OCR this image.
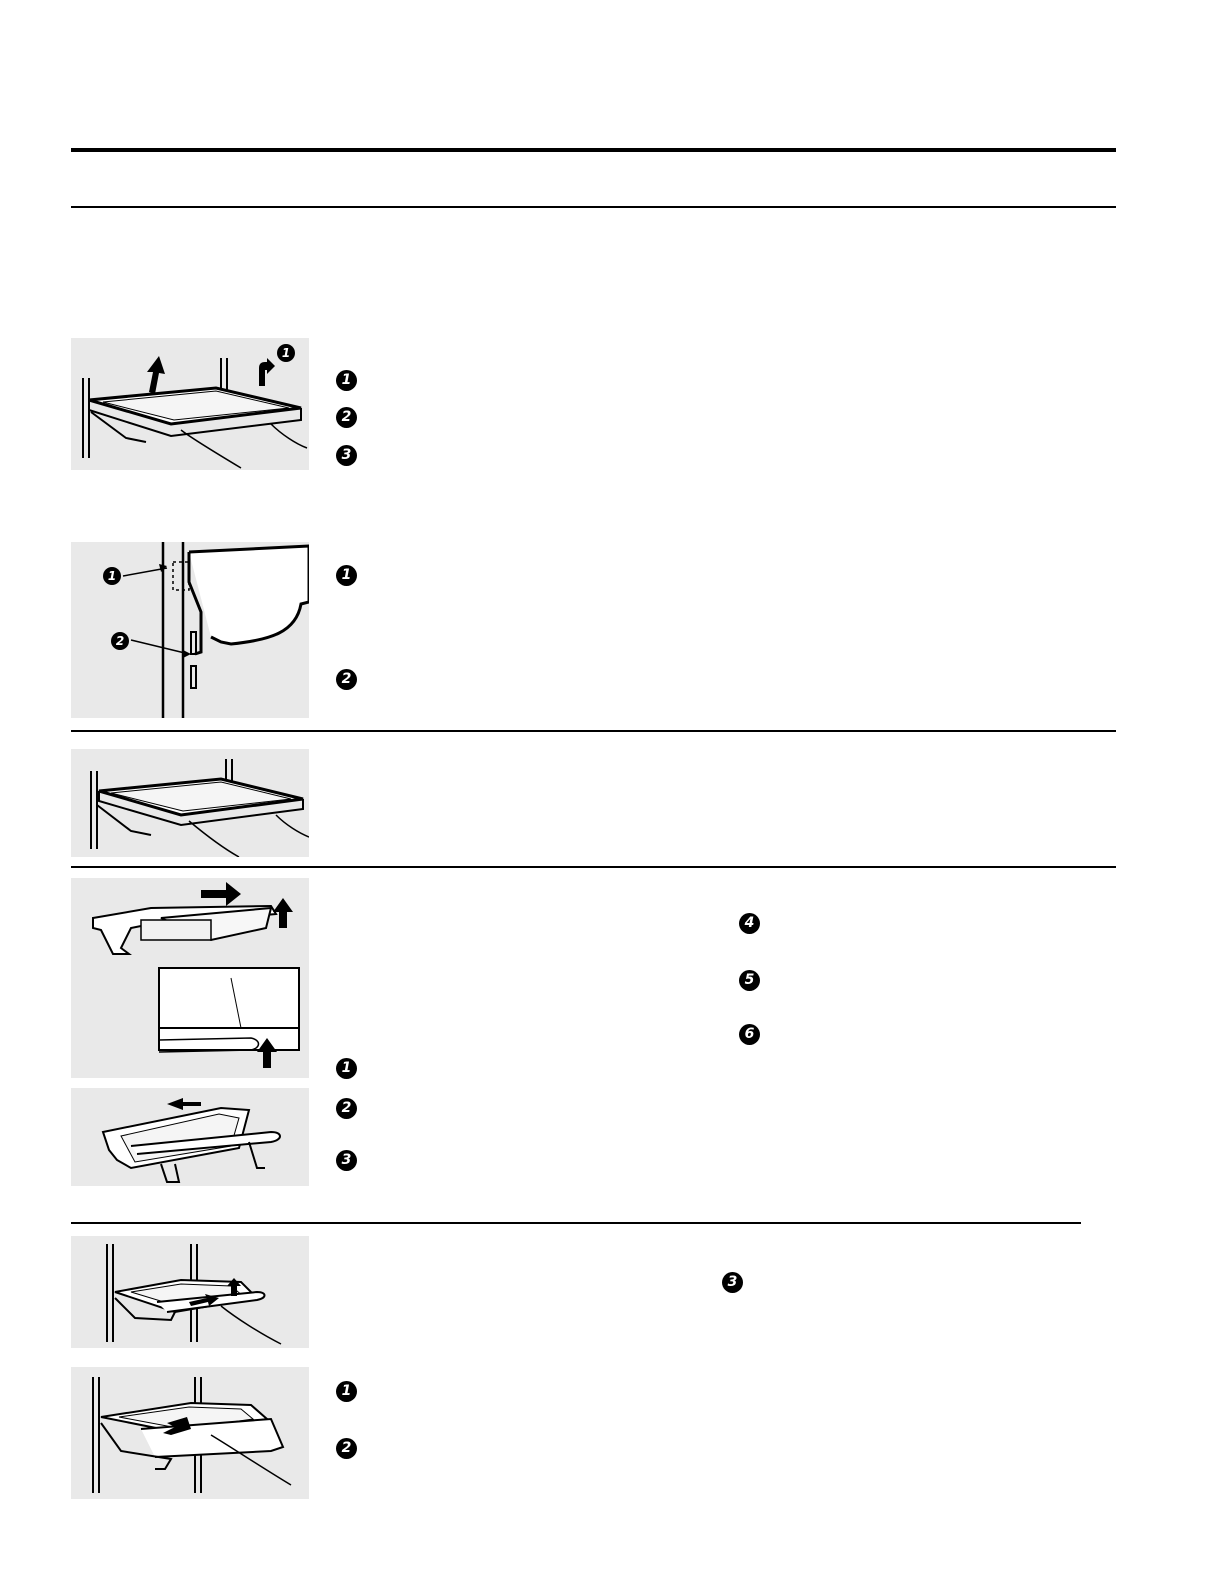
1
1
2
3
1
2
1
2
4
5
6
1
2
3
3
1
2
